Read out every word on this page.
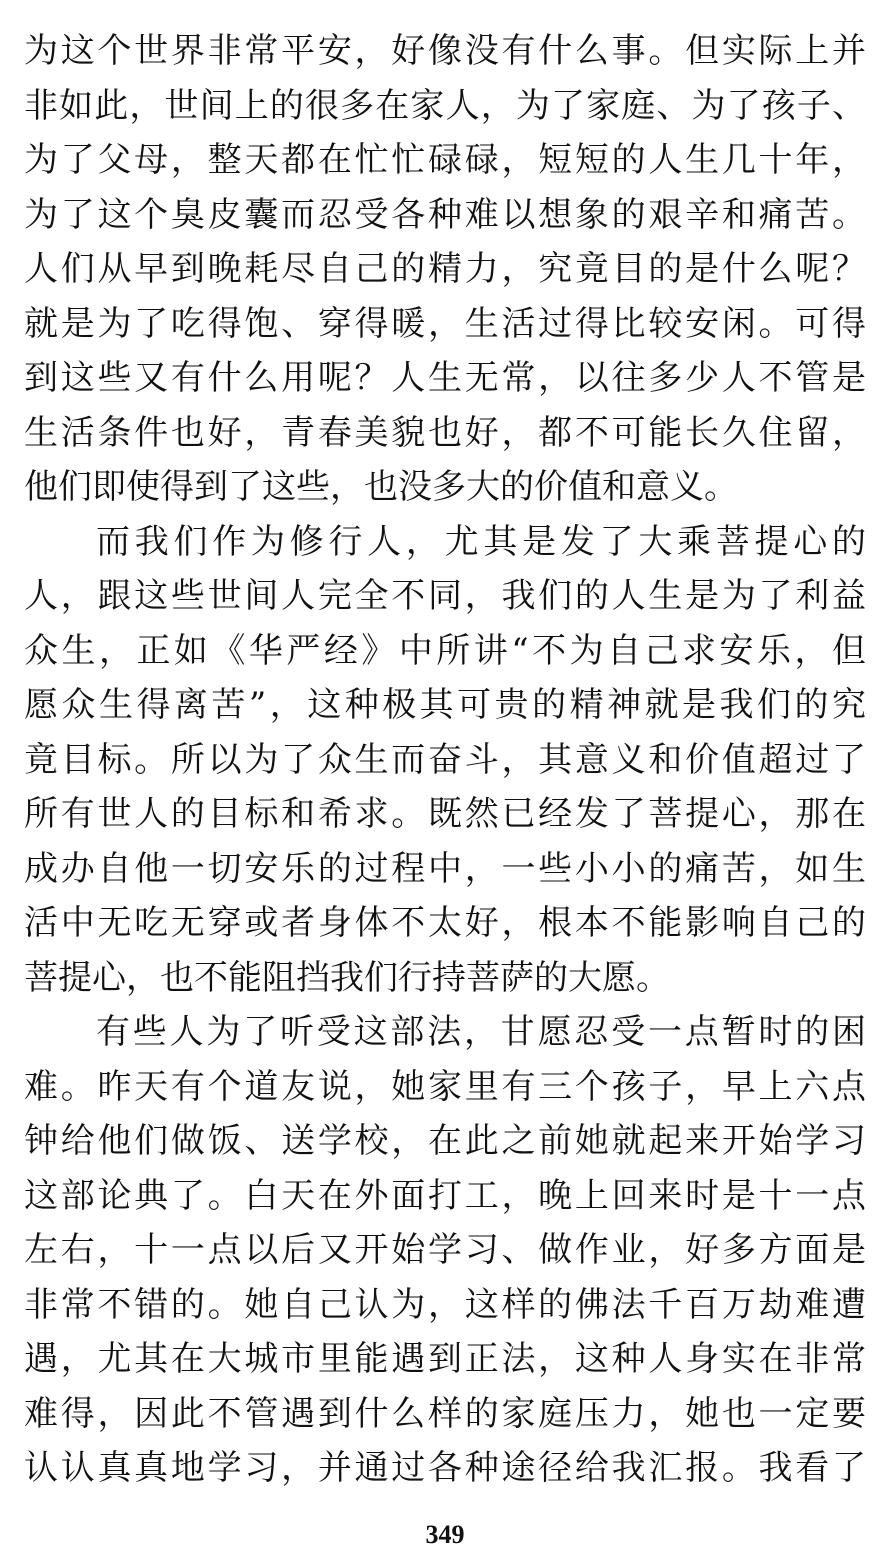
为这个世界非常平安，好像没有什么事。但实际上并
非如此，世间上的很多在家人，为了家庭、为了孩子、
为了父母，整天都在忙忙碌碌，短短的人生几十年，
为了这个臭皮囊而忍受各种难以想象的艰辛和痛苦。
人们从早到晚耗尽自己的精力，究竟目的是什么呢？
就是为了吃得饱、穿得暖，生活过得比较安闲。可得
到这些又有什么用呢？人生无常，以往多少人不管是
生活条件也好，青春美貌也好，都不可能长久住留，
他们即使得到了这些，也没多大的价值和意义。
而我们作为修行人，尤其是发了大乘菩提心的
人，跟这些世间人完全不同，我们的人生是为了利益
众生，正如《华严经》中所讲“不为自己求安乐，但
愿众生得离苦”，这种极其可贵的精神就是我们的究
竟目标。所以为了众生而奋斗，其意义和价值超过了
所有世人的目标和希求。既然已经发了菩提心，那在
成办自他一切安乐的过程中，一些小小的痛苦，如生
活中无吃无穿或者身体不太好，根本不能影响自己的
菩提心，也不能阻挡我们行持菩萨的大愿。
有些人为了听受这部法，甘愿忍受一点暂时的困
难。昨天有个道友说，她家里有三个孩子，早上六点
钟给他们做饭、送学校，在此之前她就起来开始学习
这部论典了。白天在外面打工，晚上回来时是十一点
左右，十一点以后又开始学习、做作业，好多方面是
非常不错的。她自己认为，这样的佛法千百万劫难遭
遇，尤其在大城市里能遇到正法，这种人身实在非常
难得，因此不管遇到什么样的家庭压力，她也一定要
认认真真地学习，并通过各种途径给我汇报。我看了
349
